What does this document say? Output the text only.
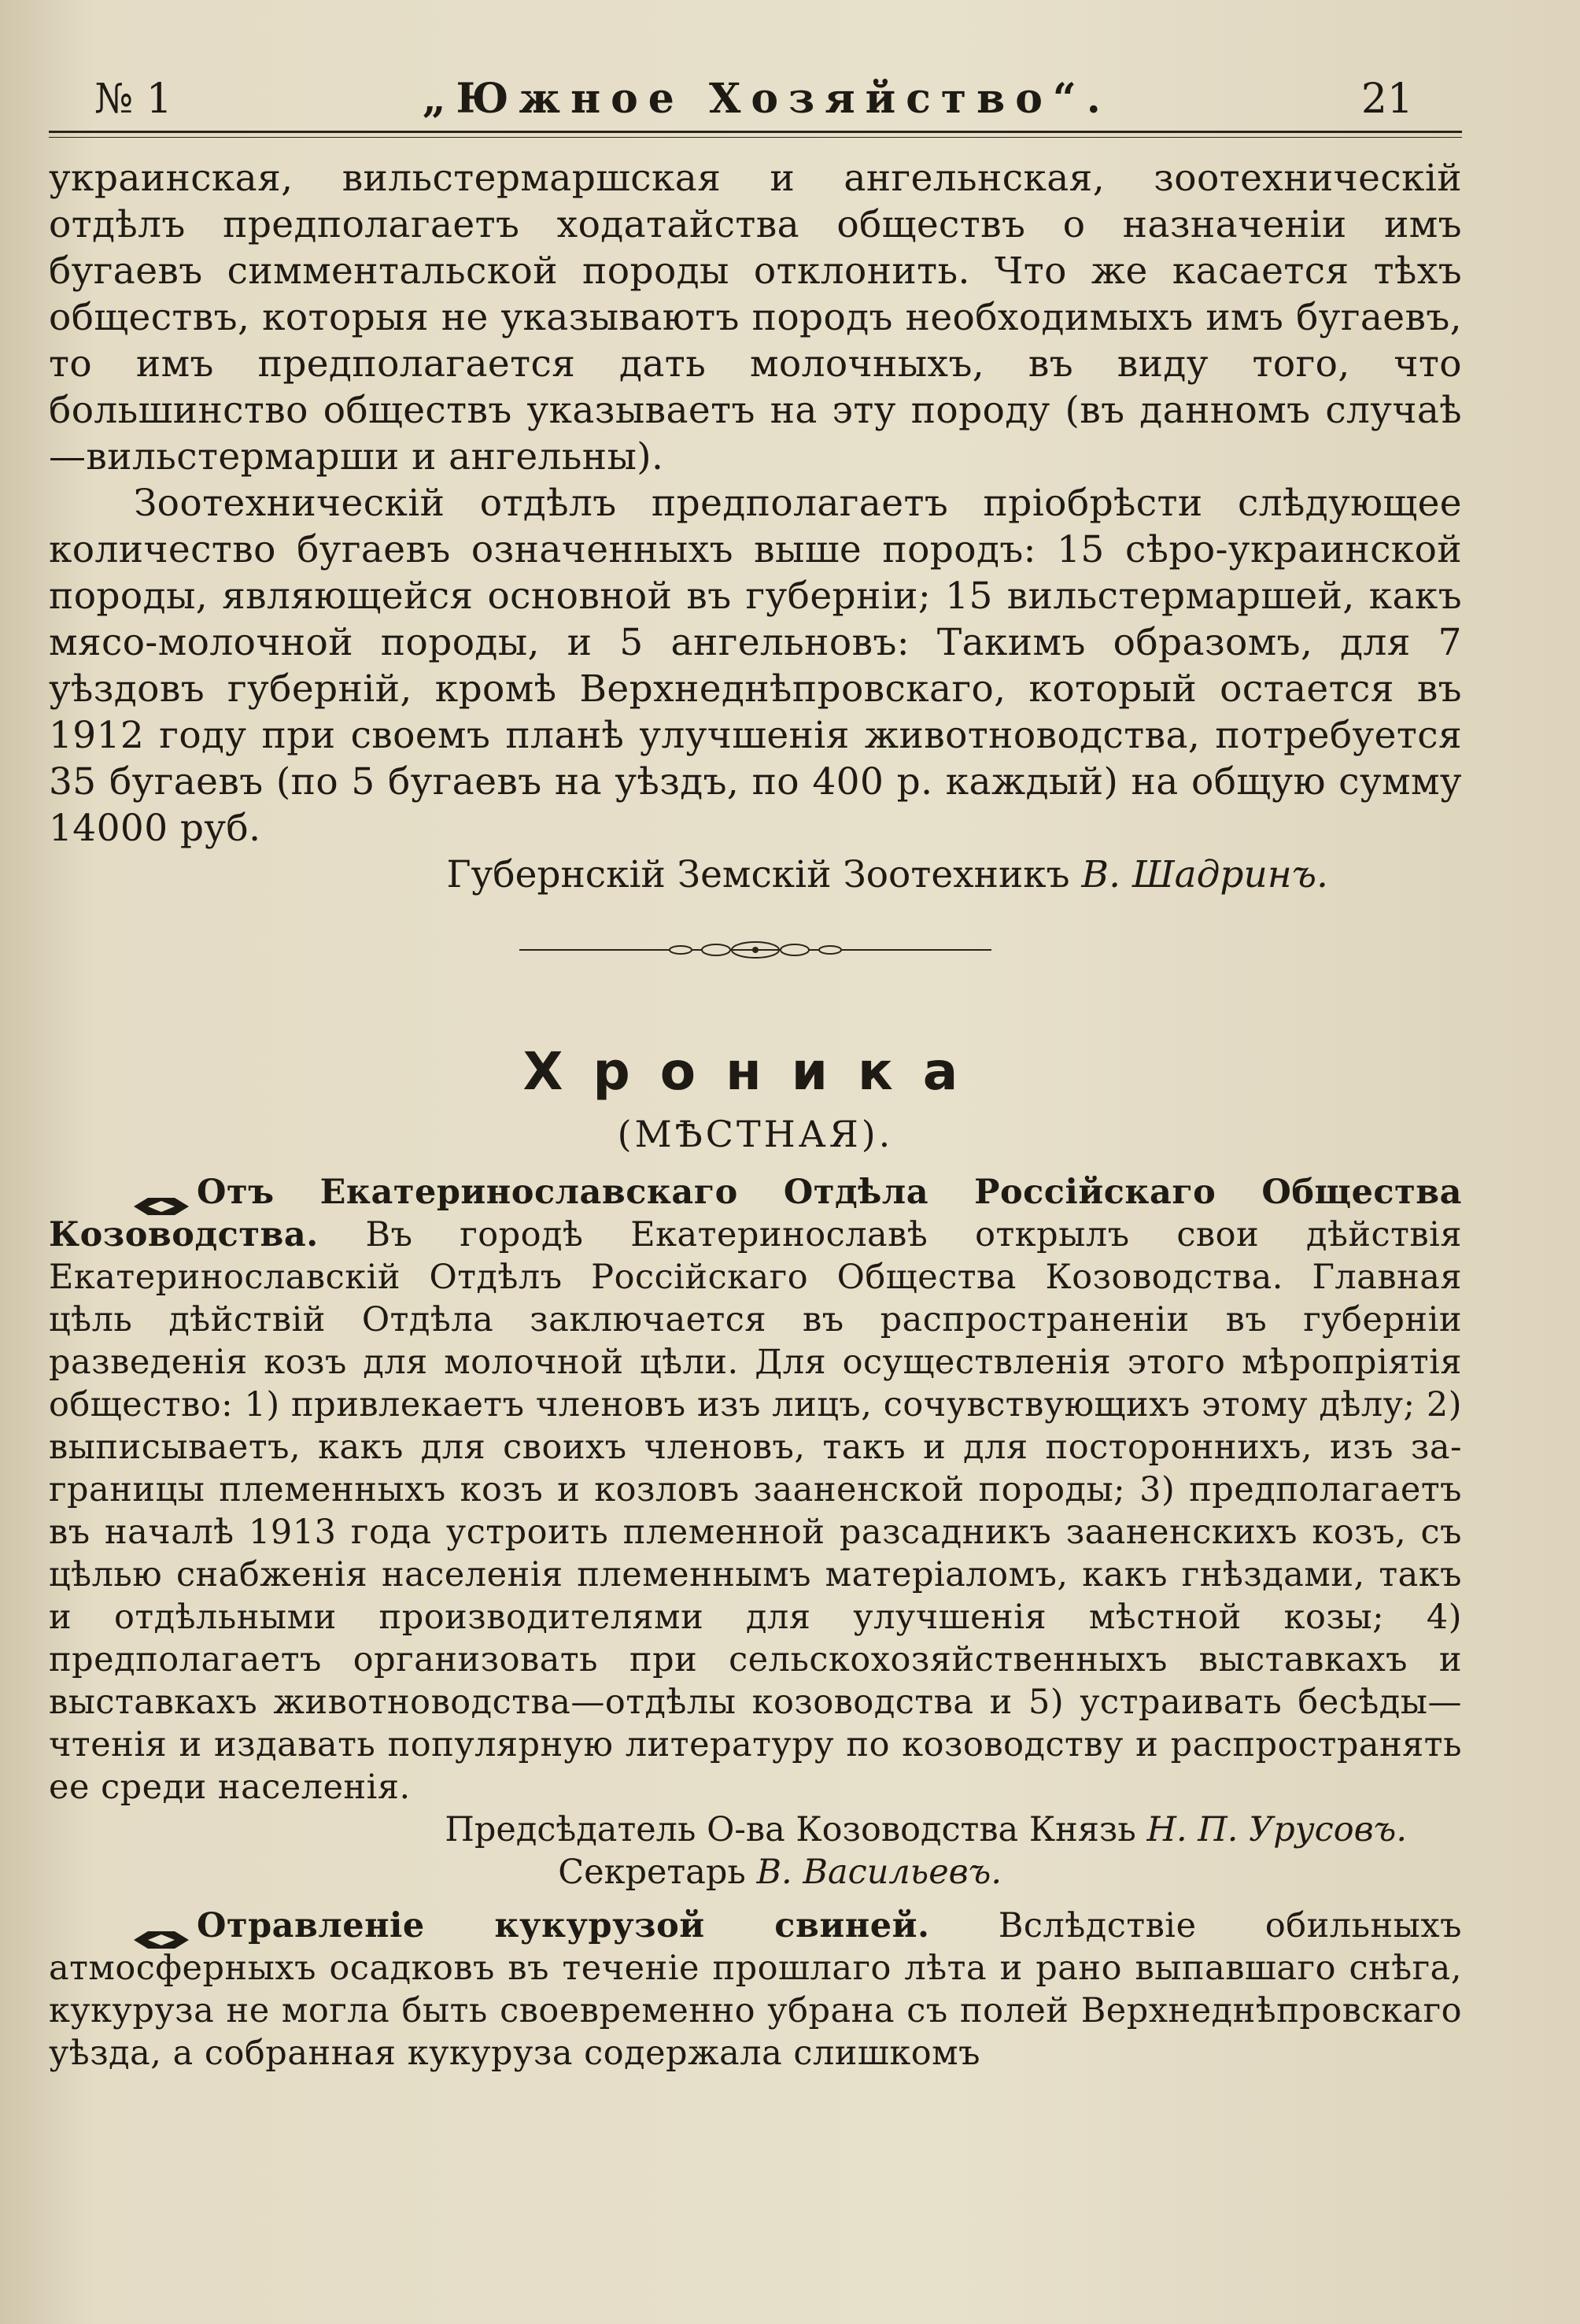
№ 1	„Южное Хозяйство“.	21

украинская, вильстермаршская и ангельнская, зоотехническій отдѣлъ предполагаетъ ходатайства обществъ о назначеніи имъ бугаевъ симментальской породы отклонить. Что же касается тѣхъ обществъ, которыя не указываютъ породъ необходимыхъ имъ бугаевъ, то имъ предполагается дать молочныхъ, въ виду того, что большинство обществъ указываетъ на эту породу (въ данномъ случаѣ—вильстермарши и ангельны).

Зоотехническій отдѣлъ предполагаетъ пріобрѣсти слѣдующее количество бугаевъ означенныхъ выше породъ: 15 сѣро-украинской породы, являющейся основной въ губерніи; 15 вильстермаршей, какъ мясо-молочной породы, и 5 ангельновъ: Такимъ образомъ, для 7 уѣздовъ губерній, кромѣ Верхнеднѣпровскаго, который остается въ 1912 году при своемъ планѣ улучшенія животноводства, потребуется 35 бугаевъ (по 5 бугаевъ на уѣздъ, по 400 р. каждый) на общую сумму 14000 руб.

Губернскій Земскій Зоотехникъ В. Шадринъ.
Хроника
(МѢСТНАЯ).

Отъ Екатеринославскаго Отдѣла Россійскаго Общества Козоводства. Въ городѣ Екатеринославѣ открылъ свои дѣйствія Екатеринославскій Отдѣлъ Россійскаго Общества Козоводства. Главная цѣль дѣйствій Отдѣла заключается въ распространеніи въ губерніи разведенія козъ для молочной цѣли. Для осуществленія этого мѣропріятія общество: 1) привлекаетъ членовъ изъ лицъ, сочувствующихъ этому дѣлу; 2) выписываетъ, какъ для своихъ членовъ, такъ и для постороннихъ, изъ за-границы племенныхъ козъ и козловъ зааненской породы; 3) предполагаетъ въ началѣ 1913 года устроить племенной разсадникъ зааненскихъ козъ, съ цѣлью снабженія населенія племеннымъ матеріаломъ, какъ гнѣздами, такъ и отдѣльными производителями для улучшенія мѣстной козы; 4) предполагаетъ организовать при сельскохозяйственныхъ выставкахъ и выставкахъ животноводства—отдѣлы козоводства и 5) устраивать бесѣды—чтенія и издавать популярную литературу по козоводству и распространять ее среди населенія.

Предсѣдатель О-ва Козоводства Князь Н. П. Урусовъ.
Секретарь В. Васильевъ.

Отравленіе кукурузой свиней. Вслѣдствіе обильныхъ атмосферныхъ осадковъ въ теченіе прошлаго лѣта и рано выпавшаго снѣга, кукуруза не могла быть своевременно убрана съ полей Верхнеднѣпровскаго уѣзда, а собранная кукуруза содержала слишкомъ
